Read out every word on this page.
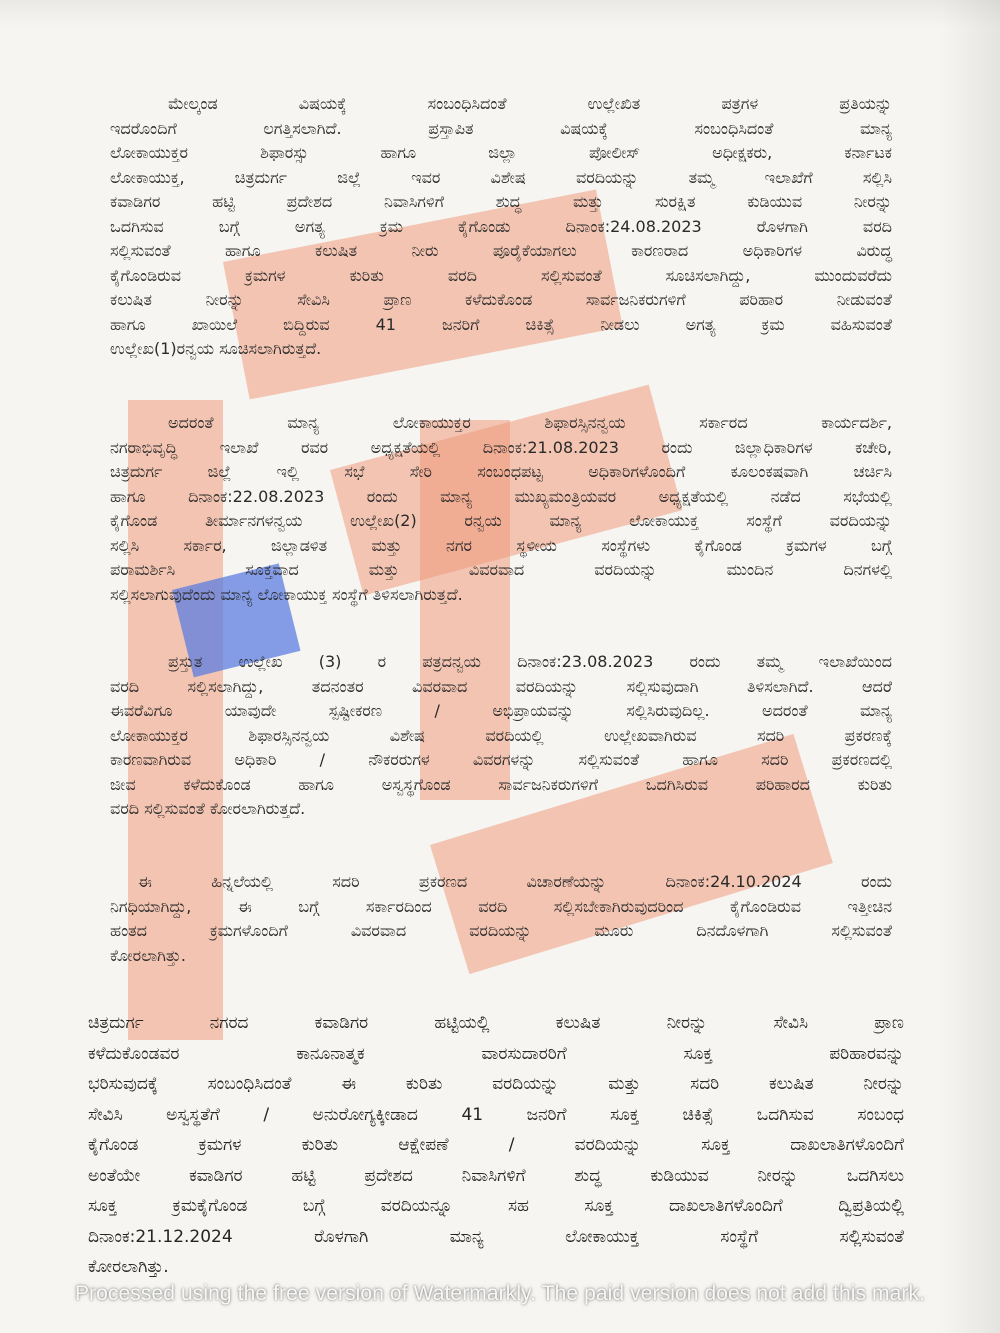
ಮೇಲ್ಕಂಡ ವಿಷಯಕ್ಕೆ ಸಂಬಂಧಿಸಿದಂತೆ ಉಲ್ಲೇಖಿತ ಪತ್ರಗಳ ಪ್ರತಿಯನ್ನು
ಇದರೊಂದಿಗೆ ಲಗತ್ತಿಸಲಾಗಿದೆ. ಪ್ರಸ್ತಾಪಿತ ವಿಷಯಕ್ಕೆ ಸಂಬಂಧಿಸಿದಂತೆ ಮಾನ್ಯ
ಲೋಕಾಯುಕ್ತರ ಶಿಫಾರಸ್ಸು ಹಾಗೂ ಜಿಲ್ಲಾ ಪೋಲೀಸ್ ಅಧೀಕ್ಷಕರು, ಕರ್ನಾಟಕ
ಲೋಕಾಯುಕ್ತ, ಚಿತ್ರದುರ್ಗ ಜಿಲ್ಲೆ ಇವರ ವಿಶೇಷ ವರದಿಯನ್ನು ತಮ್ಮ ಇಲಾಖೆಗೆ ಸಲ್ಲಿಸಿ
ಕವಾಡಿಗರ ಹಟ್ಟಿ ಪ್ರದೇಶದ ನಿವಾಸಿಗಳಿಗೆ ಶುದ್ಧ ಮತ್ತು ಸುರಕ್ಷಿತ ಕುಡಿಯುವ ನೀರನ್ನು
ಒದಗಿಸುವ ಬಗ್ಗೆ ಅಗತ್ಯ ಕ್ರಮ ಕೈಗೊಂಡು ದಿನಾಂಕ:24.08.2023 ರೊಳಗಾಗಿ ವರದಿ
ಸಲ್ಲಿಸುವಂತೆ ಹಾಗೂ ಕಲುಷಿತ ನೀರು ಪೂರೈಕೆಯಾಗಲು ಕಾರಣರಾದ ಅಧಿಕಾರಿಗಳ ವಿರುದ್ಧ
ಕೈಗೊಂಡಿರುವ ಕ್ರಮಗಳ ಕುರಿತು ವರದಿ ಸಲ್ಲಿಸುವಂತೆ ಸೂಚಿಸಲಾಗಿದ್ದು, ಮುಂದುವರೆದು
ಕಲುಷಿತ ನೀರನ್ನು ಸೇವಿಸಿ ಪ್ರಾಣ ಕಳೆದುಕೊಂಡ ಸಾರ್ವಜನಿಕರುಗಳಿಗೆ ಪರಿಹಾರ ನೀಡುವಂತೆ
ಹಾಗೂ ಖಾಯಿಲೆ ಬಿದ್ದಿರುವ 41 ಜನರಿಗೆ ಚಿಕಿತ್ಸೆ ನೀಡಲು ಅಗತ್ಯ ಕ್ರಮ ವಹಿಸುವಂತೆ
ಉಲ್ಲೇಖ(1)ರನ್ವಯ ಸೂಚಿಸಲಾಗಿರುತ್ತದೆ.
ಅದರಂತೆ ಮಾನ್ಯ ಲೋಕಾಯುಕ್ತರ ಶಿಫಾರಸ್ಸಿನನ್ವಯ ಸರ್ಕಾರದ ಕಾರ್ಯದರ್ಶಿ,
ನಗರಾಭಿವೃದ್ಧಿ ಇಲಾಖೆ ರವರ ಅಧ್ಯಕ್ಷತೆಯಲ್ಲಿ ದಿನಾಂಕ:21.08.2023 ರಂದು ಜಿಲ್ಲಾಧಿಕಾರಿಗಳ ಕಚೇರಿ,
ಚಿತ್ರದುರ್ಗ ಜಿಲ್ಲೆ ಇಲ್ಲಿ ಸಭೆ ಸೇರಿ ಸಂಬಂಧಪಟ್ಟ ಅಧಿಕಾರಿಗಳೊಂದಿಗೆ ಕೂಲಂಕಷವಾಗಿ ಚರ್ಚಿಸಿ
ಹಾಗೂ ದಿನಾಂಕ:22.08.2023 ರಂದು ಮಾನ್ಯ ಮುಖ್ಯಮಂತ್ರಿಯವರ ಅಧ್ಯಕ್ಷತೆಯಲ್ಲಿ ನಡೆದ ಸಭೆಯಲ್ಲಿ
ಕೈಗೊಂಡ ತೀರ್ಮಾನಗಳನ್ವಯ ಉಲ್ಲೇಖ(2) ರನ್ವಯ ಮಾನ್ಯ ಲೋಕಾಯುಕ್ತ ಸಂಸ್ಥೆಗೆ ವರದಿಯನ್ನು
ಸಲ್ಲಿಸಿ ಸರ್ಕಾರ, ಜಿಲ್ಲಾಡಳಿತ ಮತ್ತು ನಗರ ಸ್ಥಳೀಯ ಸಂಸ್ಥೆಗಳು ಕೈಗೊಂಡ ಕ್ರಮಗಳ ಬಗ್ಗೆ
ಪರಾಮರ್ಶಿಸಿ ಸೂಕ್ತವಾದ ಮತ್ತು ವಿವರವಾದ ವರದಿಯನ್ನು ಮುಂದಿನ ದಿನಗಳಲ್ಲಿ
ಸಲ್ಲಿಸಲಾಗುವುದೆಂದು ಮಾನ್ಯ ಲೋಕಾಯುಕ್ತ ಸಂಸ್ಥೆಗೆ ತಿಳಿಸಲಾಗಿರುತ್ತದೆ.
ಪ್ರಸ್ತುತ ಉಲ್ಲೇಖ (3) ರ ಪತ್ರದನ್ವಯ ದಿನಾಂಕ:23.08.2023 ರಂದು ತಮ್ಮ ಇಲಾಖೆಯಿಂದ
ವರದಿ ಸಲ್ಲಿಸಲಾಗಿದ್ದು, ತದನಂತರ ವಿವರವಾದ ವರದಿಯನ್ನು ಸಲ್ಲಿಸುವುದಾಗಿ ತಿಳಿಸಲಾಗಿದೆ. ಆದರೆ
ಈವರೆವಿಗೂ ಯಾವುದೇ ಸ್ಪಷ್ಟೀಕರಣ / ಅಭಿಪ್ರಾಯವನ್ನು ಸಲ್ಲಿಸಿರುವುದಿಲ್ಲ. ಅದರಂತೆ ಮಾನ್ಯ
ಲೋಕಾಯುಕ್ತರ ಶಿಫಾರಸ್ಸಿನನ್ವಯ ವಿಶೇಷ ವರದಿಯಲ್ಲಿ ಉಲ್ಲೇಖವಾಗಿರುವ ಸದರಿ ಪ್ರಕರಣಕ್ಕೆ
ಕಾರಣವಾಗಿರುವ ಅಧಿಕಾರಿ / ನೌಕರರುಗಳ ವಿವರಗಳನ್ನು ಸಲ್ಲಿಸುವಂತೆ ಹಾಗೂ ಸದರಿ ಪ್ರಕರಣದಲ್ಲಿ
ಜೀವ ಕಳೆದುಕೊಂಡ ಹಾಗೂ ಅಸ್ವಸ್ಥಗೊಂಡ ಸಾರ್ವಜನಿಕರುಗಳಿಗೆ ಒದಗಿಸಿರುವ ಪರಿಹಾರದ ಕುರಿತು
ವರದಿ ಸಲ್ಲಿಸುವಂತೆ ಕೋರಲಾಗಿರುತ್ತದೆ.
ಈ ಹಿನ್ನಲೆಯಲ್ಲಿ ಸದರಿ ಪ್ರಕರಣದ ವಿಚಾರಣೆಯನ್ನು ದಿನಾಂಕ:24.10.2024 ರಂದು
ನಿಗಧಿಯಾಗಿದ್ದು, ಈ ಬಗ್ಗೆ ಸರ್ಕಾರದಿಂದ ವರದಿ ಸಲ್ಲಿಸಬೇಕಾಗಿರುವುದರಿಂದ ಕೈಗೊಂಡಿರುವ ಇತ್ತೀಚಿನ
ಹಂತದ ಕ್ರಮಗಳೊಂದಿಗೆ ವಿವರವಾದ ವರದಿಯನ್ನು ಮೂರು ದಿನದೊಳಗಾಗಿ ಸಲ್ಲಿಸುವಂತೆ
ಕೋರಲಾಗಿತ್ತು.
ಚಿತ್ರದುರ್ಗ ನಗರದ ಕವಾಡಿಗರ ಹಟ್ಟಿಯಲ್ಲಿ ಕಲುಷಿತ ನೀರನ್ನು ಸೇವಿಸಿ ಪ್ರಾಣ
ಕಳೆದುಕೊಂಡವರ ಕಾನೂನಾತ್ಮಕ ವಾರಸುದಾರರಿಗೆ ಸೂಕ್ತ ಪರಿಹಾರವನ್ನು
ಭರಿಸುವುದಕ್ಕೆ ಸಂಬಂಧಿಸಿದಂತೆ ಈ ಕುರಿತು ವರದಿಯನ್ನು ಮತ್ತು ಸದರಿ ಕಲುಷಿತ ನೀರನ್ನು
ಸೇವಿಸಿ ಅಸ್ವಸ್ಥತೆಗೆ / ಅನುರೋಗ್ಯಕ್ಕೀಡಾದ 41 ಜನರಿಗೆ ಸೂಕ್ತ ಚಿಕಿತ್ಸೆ ಒದಗಿಸುವ ಸಂಬಂಧ
ಕೈಗೊಂಡ ಕ್ರಮಗಳ ಕುರಿತು ಆಕ್ಷೇಪಣೆ / ವರದಿಯನ್ನು ಸೂಕ್ತ ದಾಖಲಾತಿಗಳೊಂದಿಗೆ
ಅಂತೆಯೇ ಕವಾಡಿಗರ ಹಟ್ಟಿ ಪ್ರದೇಶದ ನಿವಾಸಿಗಳಿಗೆ ಶುದ್ಧ ಕುಡಿಯುವ ನೀರನ್ನು ಒದಗಿಸಲು
ಸೂಕ್ತ ಕ್ರಮಕೈಗೊಂಡ ಬಗ್ಗೆ ವರದಿಯನ್ನೂ ಸಹ ಸೂಕ್ತ ದಾಖಲಾತಿಗಳೊಂದಿಗೆ ದ್ವಿಪ್ರತಿಯಲ್ಲಿ
ದಿನಾಂಕ:21.12.2024 ರೊಳಗಾಗಿ ಮಾನ್ಯ ಲೋಕಾಯುಕ್ತ ಸಂಸ್ಥೆಗೆ ಸಲ್ಲಿಸುವಂತೆ
ಕೋರಲಾಗಿತ್ತು.
Processed using the free version of Watermarkly. The paid version does not add this mark.
